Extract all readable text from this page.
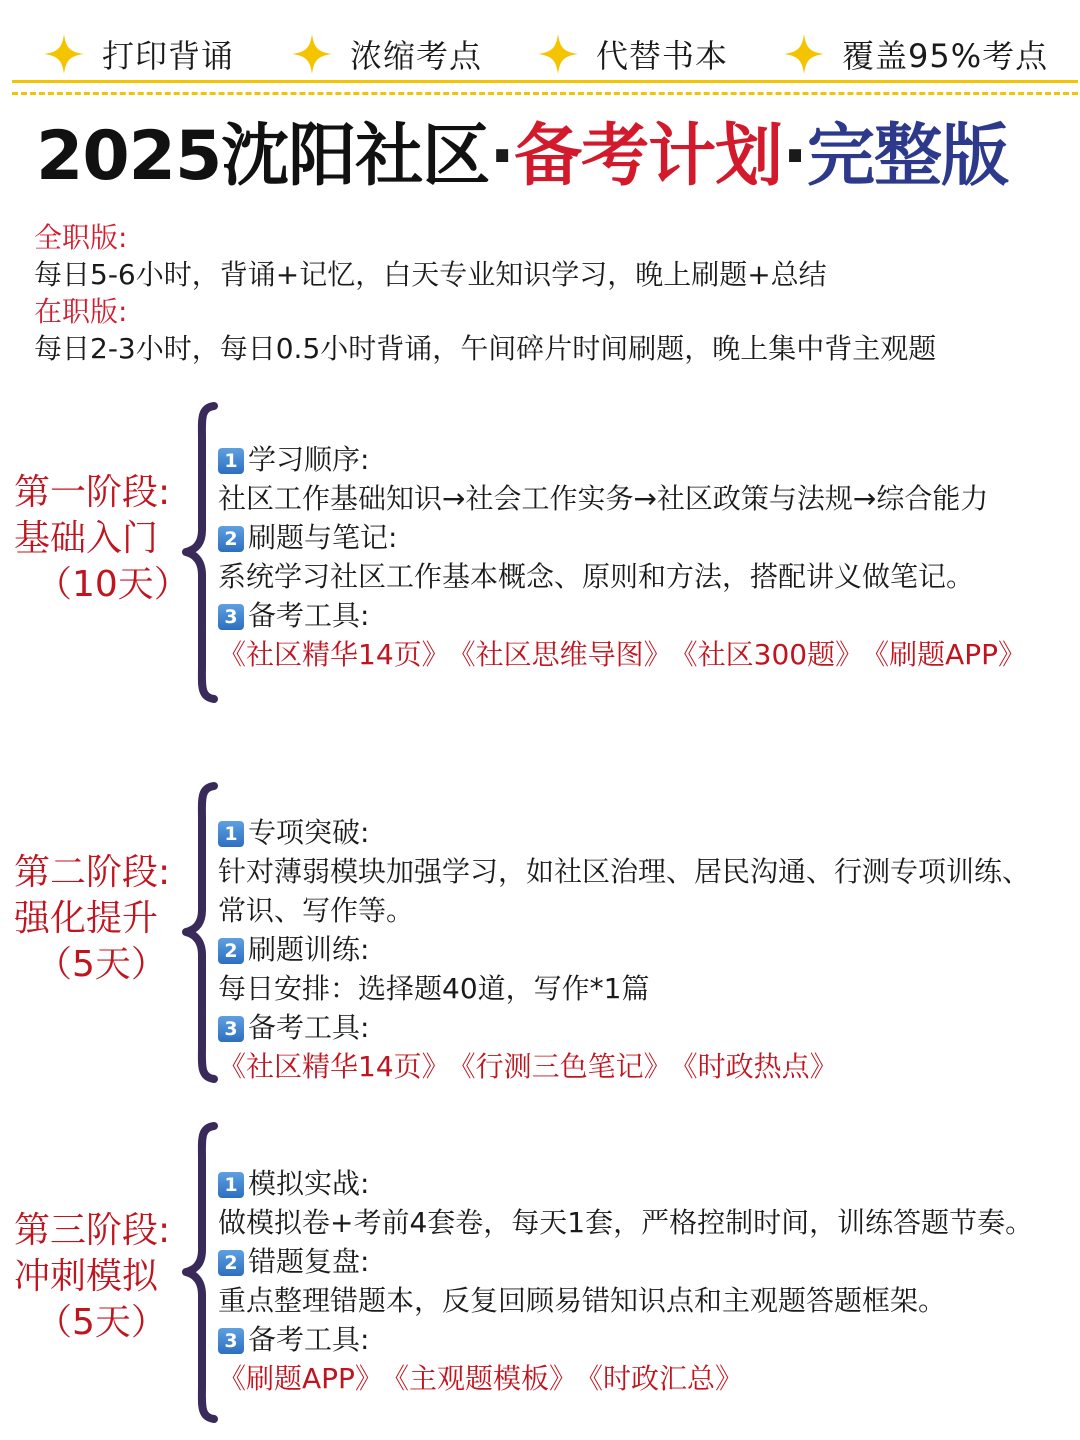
打印背诵	浓缩考点	代替书本	覆盖95%考点
2025沈阳社区·备考计划·完整版
全职版:
每日5-6小时，背诵+记忆，白天专业知识学习，晚上刷题+总结
在职版:
每日2-3小时，每日0.5小时背诵，午间碎片时间刷题，晚上集中背主观题
第一阶段:
基础入门
（10天）
1 学习顺序:
社区工作基础知识→社会工作实务→社区政策与法规→综合能力
2 刷题与笔记:
系统学习社区工作基本概念、原则和方法，搭配讲义做笔记。
3 备考工具:
《社区精华14页》 《社区思维导图》 《社区300题》 《刷题APP》
第二阶段:
强化提升
（5天）
1 专项突破:
针对薄弱模块加强学习，如社区治理、居民沟通、行测专项训练、
常识、写作等。
2 刷题训练:
每日安排：选择题40道，写作*1篇
3 备考工具:
《社区精华14页》 《行测三色笔记》 《时政热点》
第三阶段:
冲刺模拟
（5天）
1 模拟实战:
做模拟卷+考前4套卷，每天1套，严格控制时间，训练答题节奏。
2 错题复盘:
重点整理错题本，反复回顾易错知识点和主观题答题框架。
3 备考工具:
《刷题APP》 《主观题模板》 《时政汇总》
